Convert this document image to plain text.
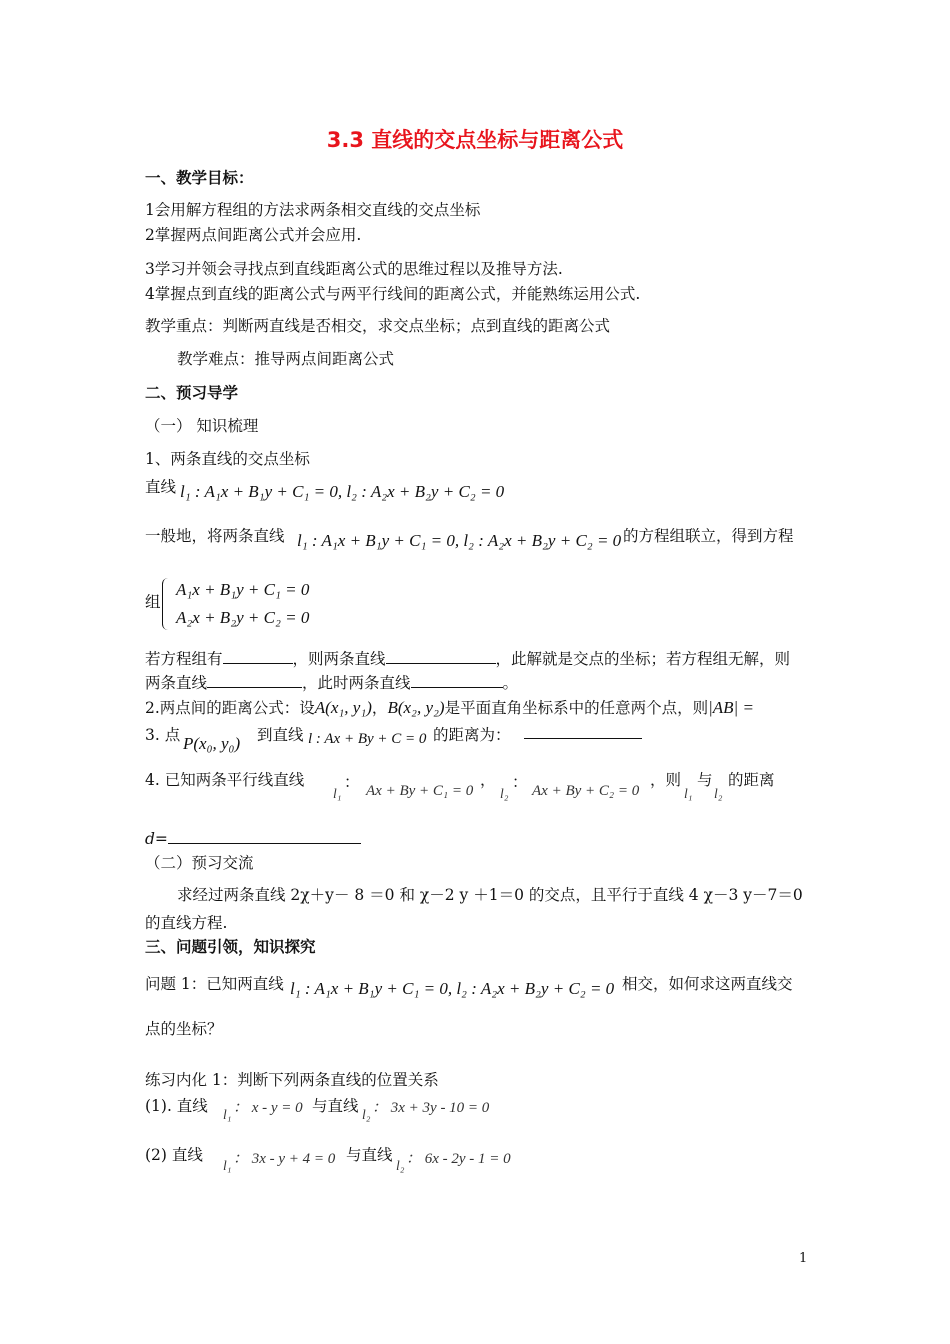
3.3 直线的交点坐标与距离公式
一、教学目标：
1会用解方程组的方法求两条相交直线的交点坐标
2掌握两点间距离公式并会应用.
3学习并领会寻找点到直线距离公式的思维过程以及推导方法.
4掌握点到直线的距离公式与两平行线间的距离公式，并能熟练运用公式.
教学重点：判断两直线是否相交，求交点坐标；点到直线的距离公式
教学难点：推导两点间距离公式
二、预习导学
（一） 知识梳理
1、两条直线的交点坐标
直线 l₁ : A₁x + B₁y + C₁ = 0, l₂ : A₂x + B₂y + C₂ = 0
一般地，将两条直线 l₁ : A₁x + B₁y + C₁ = 0, l₂ : A₂x + B₂y + C₂ = 0 的方程组联立，得到方程
组
A₁x + B₁y + C₁ = 0
A₂x + B₂y + C₂ = 0
若方程组有	，则两条直线	，此解就是交点的坐标；若方程组无解，则
两条直线	，此时两条直线	。
2.两点间的距离公式：设A(x₁, y₁)，B(x₂, y₂)是平面直角坐标系中的任意两个点，则|AB| =
3. 点 P(x₀, y₀) 到直线 l : Ax + By + C = 0 的距离为：
4. 已知两条平行线直线	：
l₁ Ax + By + C₁ = 0
， ：
l₂ Ax + By + C₂ = 0
，则
l₁
与
l₂
的距离
d=
（二）预习交流
求经过两条直线 2χ＋y－ 8 ＝0 和 χ－2 y ＋1＝0 的交点，且平行于直线 4 χ－3 y－7＝0
的直线方程.
三、问题引领，知识探究
问题 1：已知两直线 l₁ : A₁x + B₁y + C₁ = 0, l₂ : A₂x + B₂y + C₂ = 0 相交，如何求这两直线交
点的坐标？
练习内化 1：判断下列两条直线的位置关系
(1). 直线 l₁ ： x - y = 0 与直线 l₂ ： 3x + 3y - 10 = 0
(2) 直线
l₁ ： 3x - y + 4 = 0 与直线
l₂ ： 6x - 2y - 1 = 0
1
